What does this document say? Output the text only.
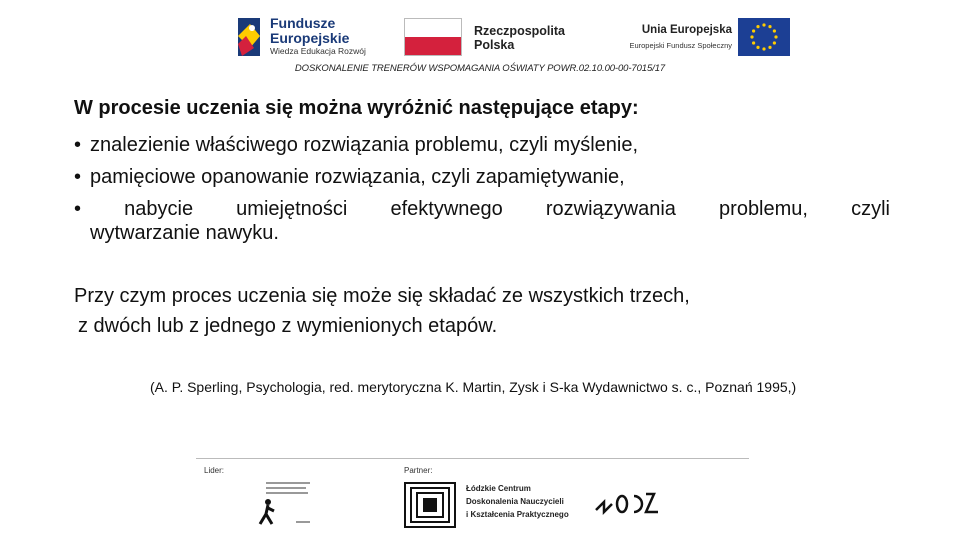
Fundusze
Europejskie
Wiedza Edukacja Rozwój
Rzeczpospolita
Polska
Unia Europejska
Europejski Fundusz Społeczny
DOSKONALENIE TRENERÓW WSPOMAGANIA OŚWIATY POWR.02.10.00-00-7015/17
W procesie uczenia się można wyróżnić następujące etapy:
• znalezienie właściwego rozwiązania problemu, czyli myślenie,
• pamięciowe opanowanie rozwiązania, czyli zapamiętywanie,
• nabycie umiejętności efektywnego rozwiązywania problemu, czyli
wytwarzanie nawyku.
Przy czym proces uczenia się może się składać ze wszystkich trzech,
z dwóch lub z jednego z wymienionych etapów.
(A. P. Sperling, Psychologia, red. merytoryczna K. Martin, Zysk i S-ka Wydawnictwo s. c., Poznań 1995,)
Lider:	Partner:
Łódzkie Centrum
Doskonalenia Nauczycieli
i Kształcenia Praktycznego
